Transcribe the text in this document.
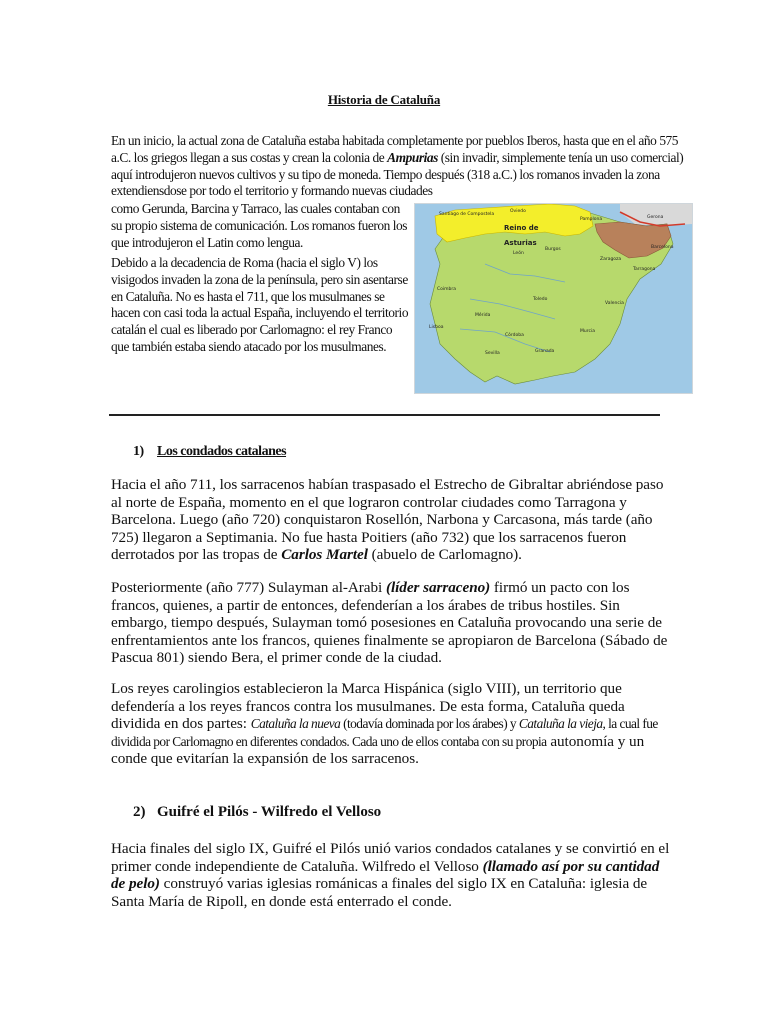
Historia de Cataluña

En un inicio, la actual zona de Cataluña estaba habitada completamente por pueblos Iberos, hasta que en el año 575 a.C. los griegos llegan a sus costas y crean la colonia de Ampurias (sin invadir, simplemente tenía un uso comercial) aquí introdujeron nuevos cultivos y su tipo de moneda. Tiempo después (318 a.C.) los romanos invaden la zona extendiensdose por todo el territorio y formando nuevas ciudades

como Gerunda, Barcina y Tarraco, las cuales contaban con su propio sistema de comunicación. Los romanos fueron los que introdujeron el Latin como lengua.

Debido a la decadencia de Roma (hacia el siglo V) los visigodos invaden la zona de la península, pero sin asentarse en Cataluña. No es hasta el 711, que los musulmanes se hacen con casi toda la actual España, incluyendo el territorio catalán el cual es liberado por Carlomagno: el rey Franco que también estaba siendo atacado por los musulmanes.

Reino de
Asturias
Santiago de Compostela
Oviedo
León
Burgos
Pamplona	Gerona
Zaragoza
Barcelona
Tarragona
Toledo
Valencia
Mérida
Lisboa
Córdoba
Sevilla	Granada
Murcia
Coimbra
1) Los condados catalanes

Hacia el año 711, los sarracenos habían traspasado el Estrecho de Gibraltar abriéndose paso al norte de España, momento en el que lograron controlar ciudades como Tarragona y Barcelona. Luego (año 720) conquistaron Rosellón, Narbona y Carcasona, más tarde (año 725) llegaron a Septimania. No fue hasta Poitiers (año 732) que los sarracenos fueron derrotados por las tropas de Carlos Martel (abuelo de Carlomagno).

Posteriormente (año 777) Sulayman al-Arabi (líder sarraceno) firmó un pacto con los francos, quienes, a partir de entonces, defenderían a los árabes de tribus hostiles. Sin embargo, tiempo después, Sulayman tomó posesiones en Cataluña provocando una serie de enfrentamientos ante los francos, quienes finalmente se apropiaron de Barcelona (Sábado de Pascua 801) siendo Bera, el primer conde de la ciudad.

Los reyes carolingios establecieron la Marca Hispánica (siglo VIII), un territorio que defendería a los reyes francos contra los musulmanes. De esta forma, Cataluña queda dividida en dos partes: Cataluña la nueva (todavía dominada por los árabes) y Cataluña la vieja, la cual fue dividida por Carlomagno en diferentes condados. Cada uno de ellos contaba con su propia autonomía y un conde que evitarían la expansión de los sarracenos.

2) Guifré el Pilós - Wilfredo el Velloso

Hacia finales del siglo IX, Guifré el Pilós unió varios condados catalanes y se convirtió en el primer conde independiente de Cataluña. Wilfredo el Velloso (llamado así por su cantidad de pelo) construyó varias iglesias románicas a finales del siglo IX en Cataluña: iglesia de Santa María de Ripoll, en donde está enterrado el conde.
